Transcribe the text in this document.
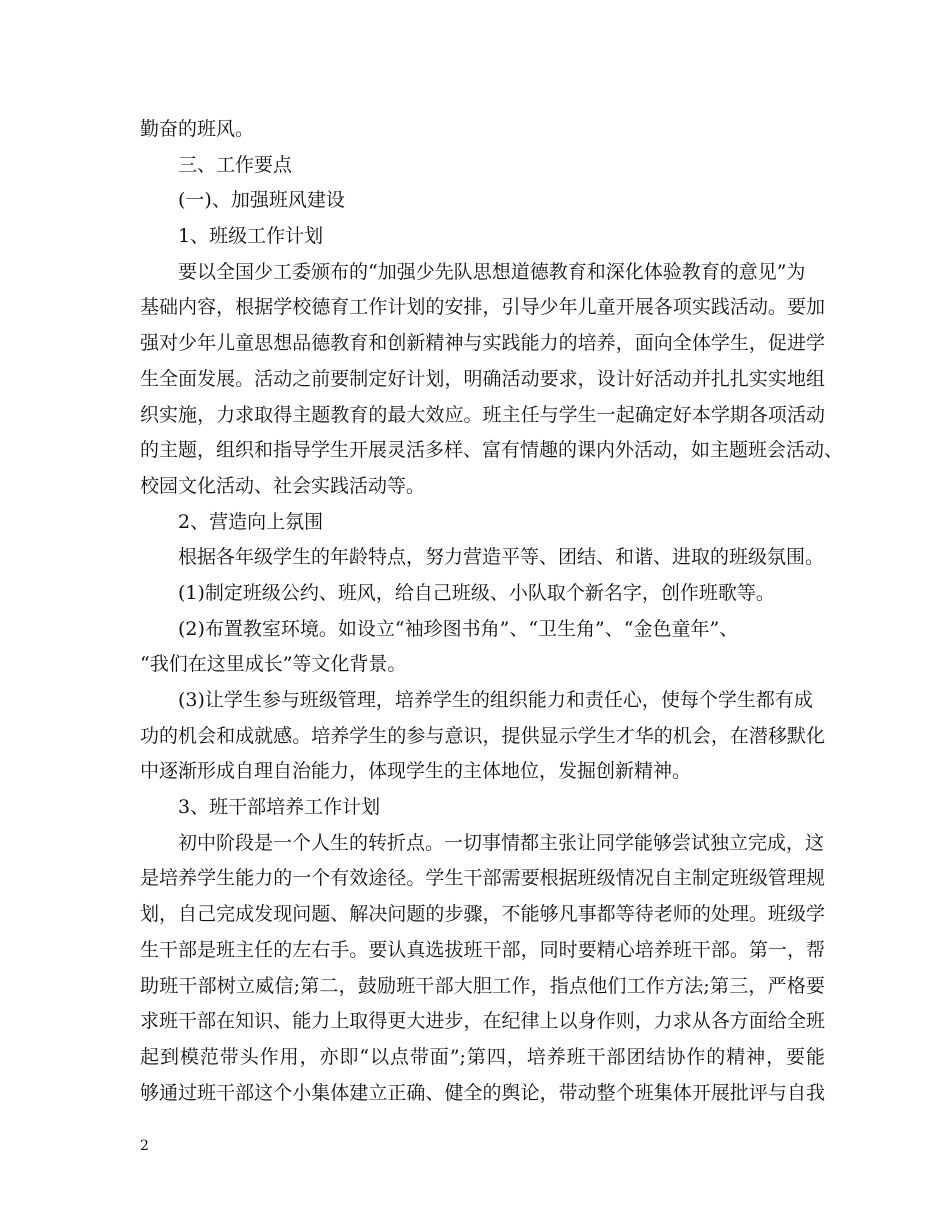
勤奋的班风。
三、工作要点
(一)、加强班风建设
1、班级工作计划
要以全国少工委颁布的“加强少先队思想道德教育和深化体验教育的意见”为
基础内容，根据学校德育工作计划的安排，引导少年儿童开展各项实践活动。要加
强对少年儿童思想品德教育和创新精神与实践能力的培养，面向全体学生，促进学
生全面发展。活动之前要制定好计划，明确活动要求，设计好活动并扎扎实实地组
织实施，力求取得主题教育的最大效应。班主任与学生一起确定好本学期各项活动
的主题，组织和指导学生开展灵活多样、富有情趣的课内外活动，如主题班会活动、
校园文化活动、社会实践活动等。
2、营造向上氛围
根据各年级学生的年龄特点，努力营造平等、团结、和谐、进取的班级氛围。
(1)制定班级公约、班风，给自己班级、小队取个新名字，创作班歌等。
(2)布置教室环境。如设立“袖珍图书角”、“卫生角”、“金色童年”、
“我们在这里成长”等文化背景。
(3)让学生参与班级管理，培养学生的组织能力和责任心，使每个学生都有成
功的机会和成就感。培养学生的参与意识，提供显示学生才华的机会，在潜移默化
中逐渐形成自理自治能力，体现学生的主体地位，发掘创新精神。
3、班干部培养工作计划
初中阶段是一个人生的转折点。一切事情都主张让同学能够尝试独立完成，这
是培养学生能力的一个有效途径。学生干部需要根据班级情况自主制定班级管理规
划，自己完成发现问题、解决问题的步骤，不能够凡事都等待老师的处理。班级学
生干部是班主任的左右手。要认真选拔班干部，同时要精心培养班干部。第一，帮
助班干部树立威信;第二，鼓励班干部大胆工作，指点他们工作方法;第三，严格要
求班干部在知识、能力上取得更大进步，在纪律上以身作则，力求从各方面给全班
起到模范带头作用，亦即“以点带面”;第四，培养班干部团结协作的精神，要能
够通过班干部这个小集体建立正确、健全的舆论，带动整个班集体开展批评与自我
2
